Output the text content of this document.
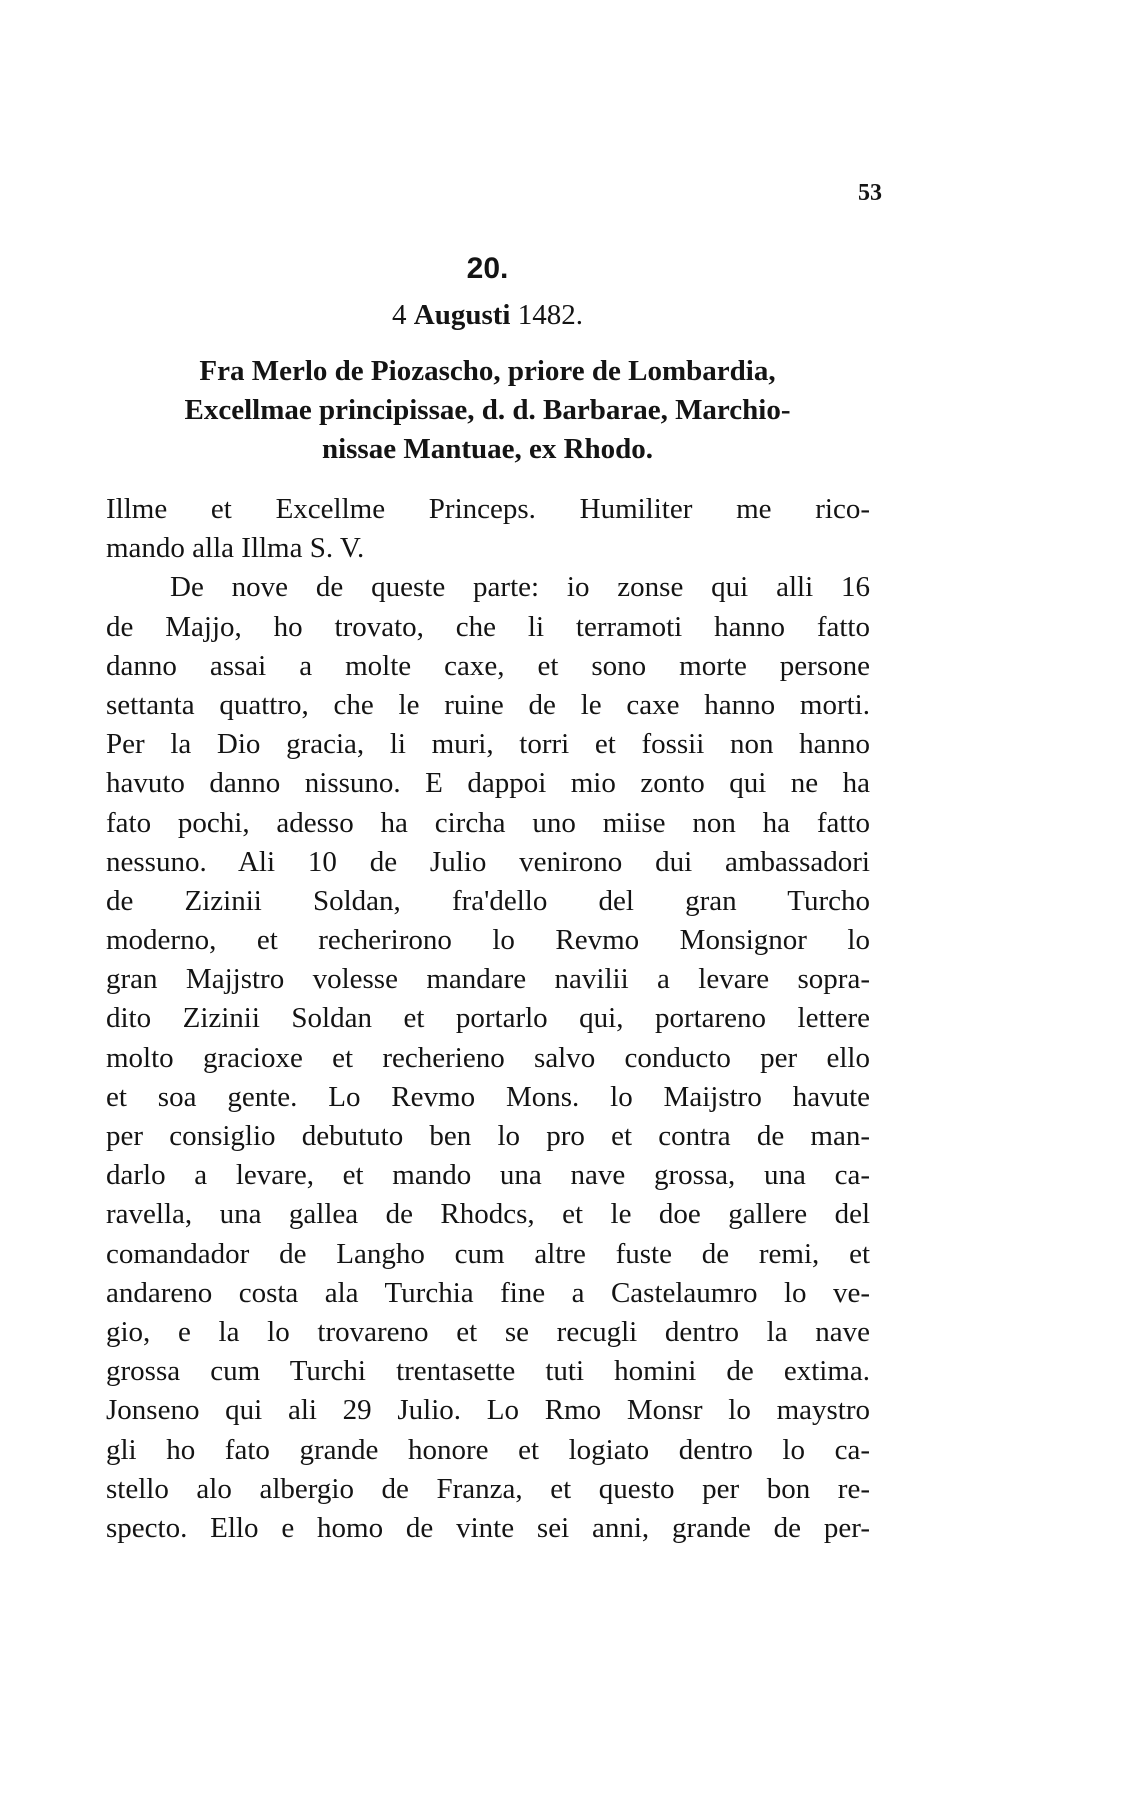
53
20.
4 Augusti 1482.
Fra Merlo de Piozascho, priore de Lombardia,
Excellmae principissae, d. d. Barbarae, Marchio-
nissae Mantuae, ex Rhodo.
Illme et Excellme Princeps. Humiliter me rico-
mando alla Illma S. V.
De nove de queste parte: io zonse qui alli 16
de Majjo, ho trovato, che li terramoti hanno fatto
danno assai a molte caxe, et sono morte persone
settanta quattro, che le ruine de le caxe hanno morti.
Per la Dio gracia, li muri, torri et fossii non hanno
havuto danno nissuno. E dappoi mio zonto qui ne ha
fato pochi, adesso ha circha uno miise non ha fatto
nessuno. Ali 10 de Julio venirono dui ambassadori
de Zizinii Soldan, fra'dello del gran Turcho
moderno, et recherirono lo Revmo Monsignor lo
gran Majjstro volesse mandare navilii a levare sopra-
dito Zizinii Soldan et portarlo qui, portareno lettere
molto gracioxe et recherieno salvo conducto per ello
et soa gente. Lo Revmo Mons. lo Maijstro havute
per consiglio debututo ben lo pro et contra de man-
darlo a levare, et mando una nave grossa, una ca-
ravella, una gallea de Rhodcs, et le doe gallere del
comandador de Langho cum altre fuste de remi, et
andareno costa ala Turchia fine a Castelaumro lo ve-
gio, e la lo trovareno et se recugli dentro la nave
grossa cum Turchi trentasette tuti homini de extima.
Jonseno qui ali 29 Julio. Lo Rmo Monsr lo maystro
gli ho fato grande honore et logiato dentro lo ca-
stello alo albergio de Franza, et questo per bon re-
specto. Ello e homo de vinte sei anni, grande de per-
